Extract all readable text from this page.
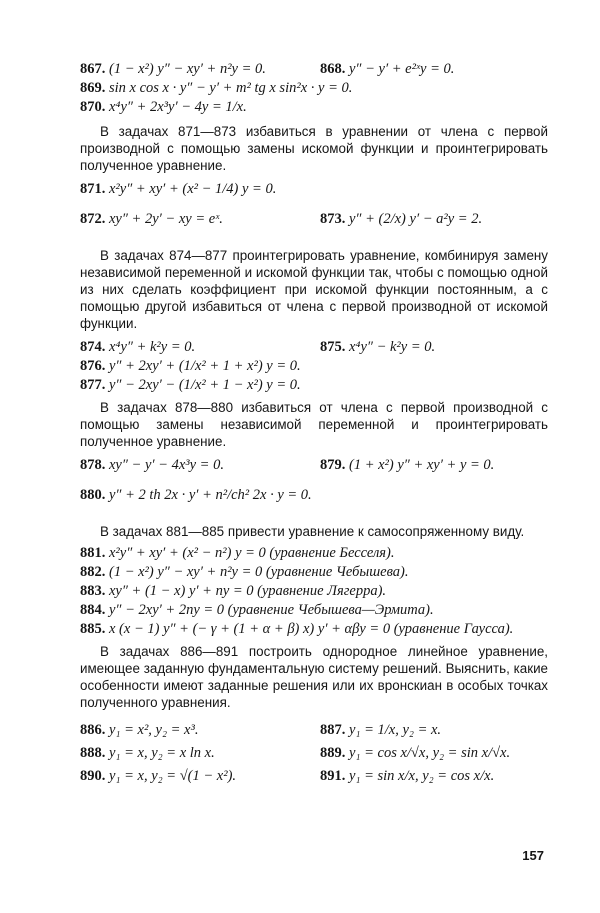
867. (1 − x²) y″ − xy′ + n²y = 0.	868. y″ − y′ + e²ˣy = 0.
869. sin x cos x · y″ − y′ + m² tg x sin²x · y = 0.
870. x⁴y″ + 2x³y′ − 4y = 1/x.

В задачах 871—873 избавиться в уравнении от члена с первой производной с помощью замены искомой функции и проинтегрировать полученное уравнение.

871. x²y″ + xy′ + (x² − 1/4) y = 0.
872. xy″ + 2y′ − xy = eˣ.	873. y″ + (2/x) y′ − a²y = 2.

В задачах 874—877 проинтегрировать уравнение, комбинируя замену независимой переменной и искомой функции так, чтобы с помощью одной из них сделать коэффициент при искомой функции постоянным, а с помощью другой избавиться от члена с первой производной от искомой функции.

874. x⁴y″ + k²y = 0.	875. x⁴y″ − k²y = 0.
876. y″ + 2xy′ + (1/x² + 1 + x²) y = 0.
877. y″ − 2xy′ − (1/x² + 1 − x²) y = 0.

В задачах 878—880 избавиться от члена с первой производной с помощью замены независимой переменной и проинтегрировать полученное уравнение.

878. xy″ − y′ − 4x³y = 0.	879. (1 + x²) y″ + xy′ + y = 0.
880. y″ + 2 th 2x · y′ + n²/ch² 2x · y = 0.

В задачах 881—885 привести уравнение к самосопряженному виду.

881. x²y″ + xy′ + (x² − n²) y = 0 (уравнение Бесселя).
882. (1 − x²) y″ − xy′ + n²y = 0 (уравнение Чебышева).
883. xy″ + (1 − x) y′ + ny = 0 (уравнение Лягерра).
884. y″ − 2xy′ + 2ny = 0 (уравнение Чебышева—Эрмита).
885. x (x − 1) y″ + (− γ + (1 + α + β) x) y′ + αβy = 0 (уравнение Гаусса).

В задачах 886—891 построить однородное линейное уравнение, имеющее заданную фундаментальную систему решений. Выяснить, какие особенности имеют заданные решения или их вронскиан в особых точках полученного уравнения.

886. y₁ = x², y₂ = x³.	887. y₁ = 1/x, y₂ = x.
888. y₁ = x, y₂ = x ln x.	889. y₁ = cos x/√x, y₂ = sin x/√x.
890. y₁ = x, y₂ = √(1 − x²).	891. y₁ = sin x/x, y₂ = cos x/x.
157
